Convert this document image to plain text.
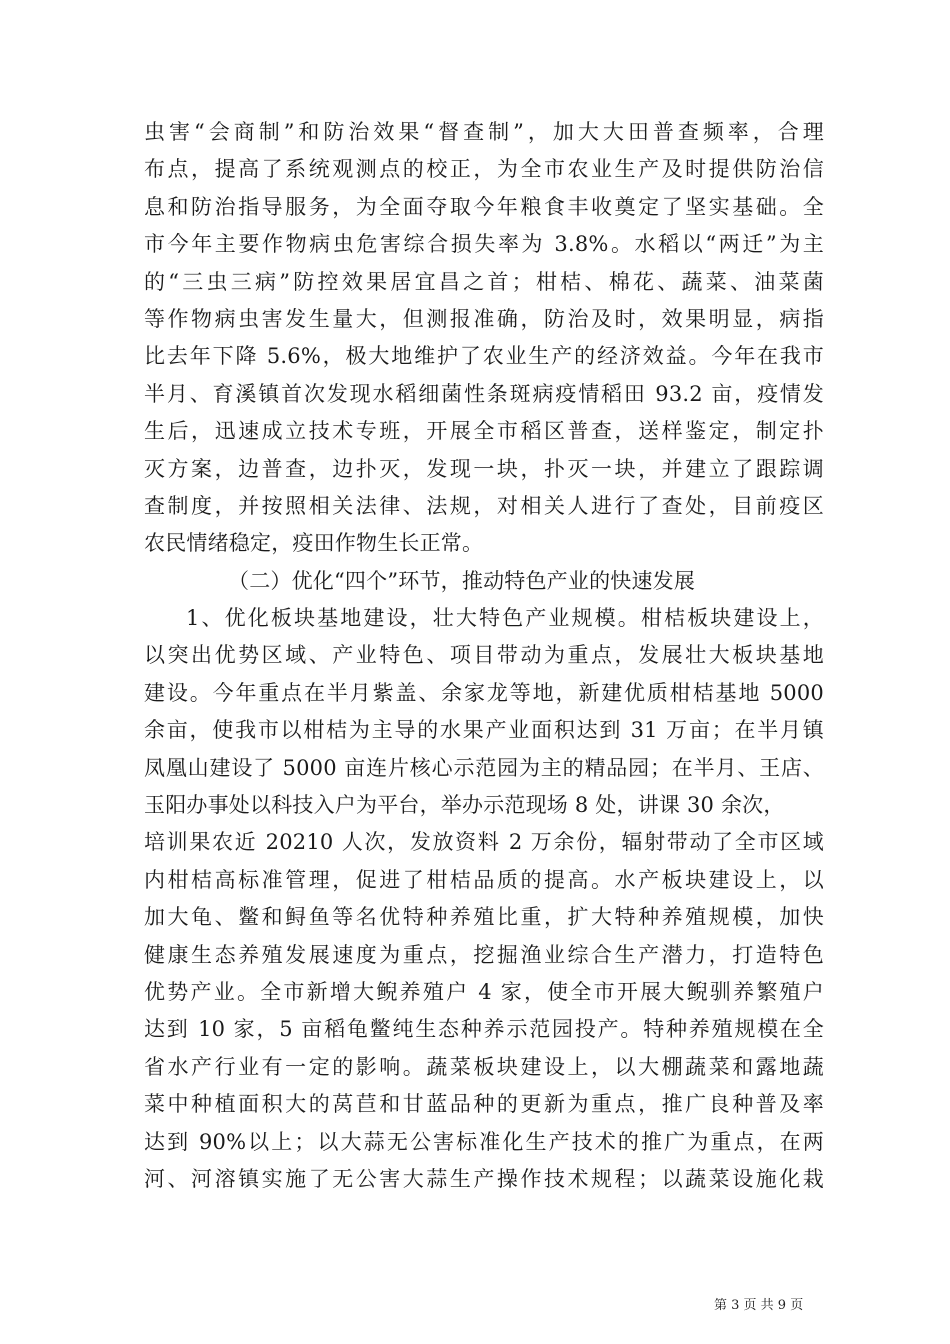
虫害“会商制”和防治效果“督查制”，加大大田普查频率，合理
布点，提高了系统观测点的校正，为全市农业生产及时提供防治信
息和防治指导服务，为全面夺取今年粮食丰收奠定了坚实基础。全
市今年主要作物病虫危害综合损失率为 3.8%。水稻以“两迁”为主
的“三虫三病”防控效果居宜昌之首；柑桔、棉花、蔬菜、油菜菌
等作物病虫害发生量大，但测报准确，防治及时，效果明显，病指
比去年下降 5.6%，极大地维护了农业生产的经济效益。今年在我市
半月、育溪镇首次发现水稻细菌性条斑病疫情稻田 93.2 亩，疫情发
生后，迅速成立技术专班，开展全市稻区普查，送样鉴定，制定扑
灭方案，边普查，边扑灭，发现一块，扑灭一块，并建立了跟踪调
查制度，并按照相关法律、法规，对相关人进行了查处，目前疫区
农民情绪稳定，疫田作物生长正常。
（二）优化“四个”环节，推动特色产业的快速发展
1、优化板块基地建设，壮大特色产业规模。柑桔板块建设上，
以突出优势区域、产业特色、项目带动为重点，发展壮大板块基地
建设。今年重点在半月紫盖、余家龙等地，新建优质柑桔基地 5000
余亩，使我市以柑桔为主导的水果产业面积达到 31 万亩；在半月镇
凤凰山建设了 5000 亩连片核心示范园为主的精品园；在半月、王店、
玉阳办事处以科技入户为平台，举办示范现场 8 处，讲课 30 余次，
培训果农近 20210 人次，发放资料 2 万余份，辐射带动了全市区域
内柑桔高标准管理，促进了柑桔品质的提高。水产板块建设上，以
加大龟、鳖和鲟鱼等名优特种养殖比重，扩大特种养殖规模，加快
健康生态养殖发展速度为重点，挖掘渔业综合生产潜力，打造特色
优势产业。全市新增大鲵养殖户 4 家，使全市开展大鲵驯养繁殖户
达到 10 家，5 亩稻龟鳖纯生态种养示范园投产。特种养殖规模在全
省水产行业有一定的影响。蔬菜板块建设上，以大棚蔬菜和露地蔬
菜中种植面积大的莴苣和甘蓝品种的更新为重点，推广良种普及率
达到 90%以上；以大蒜无公害标准化生产技术的推广为重点，在两
河、河溶镇实施了无公害大蒜生产操作技术规程；以蔬菜设施化栽
第 3 页 共 9 页
